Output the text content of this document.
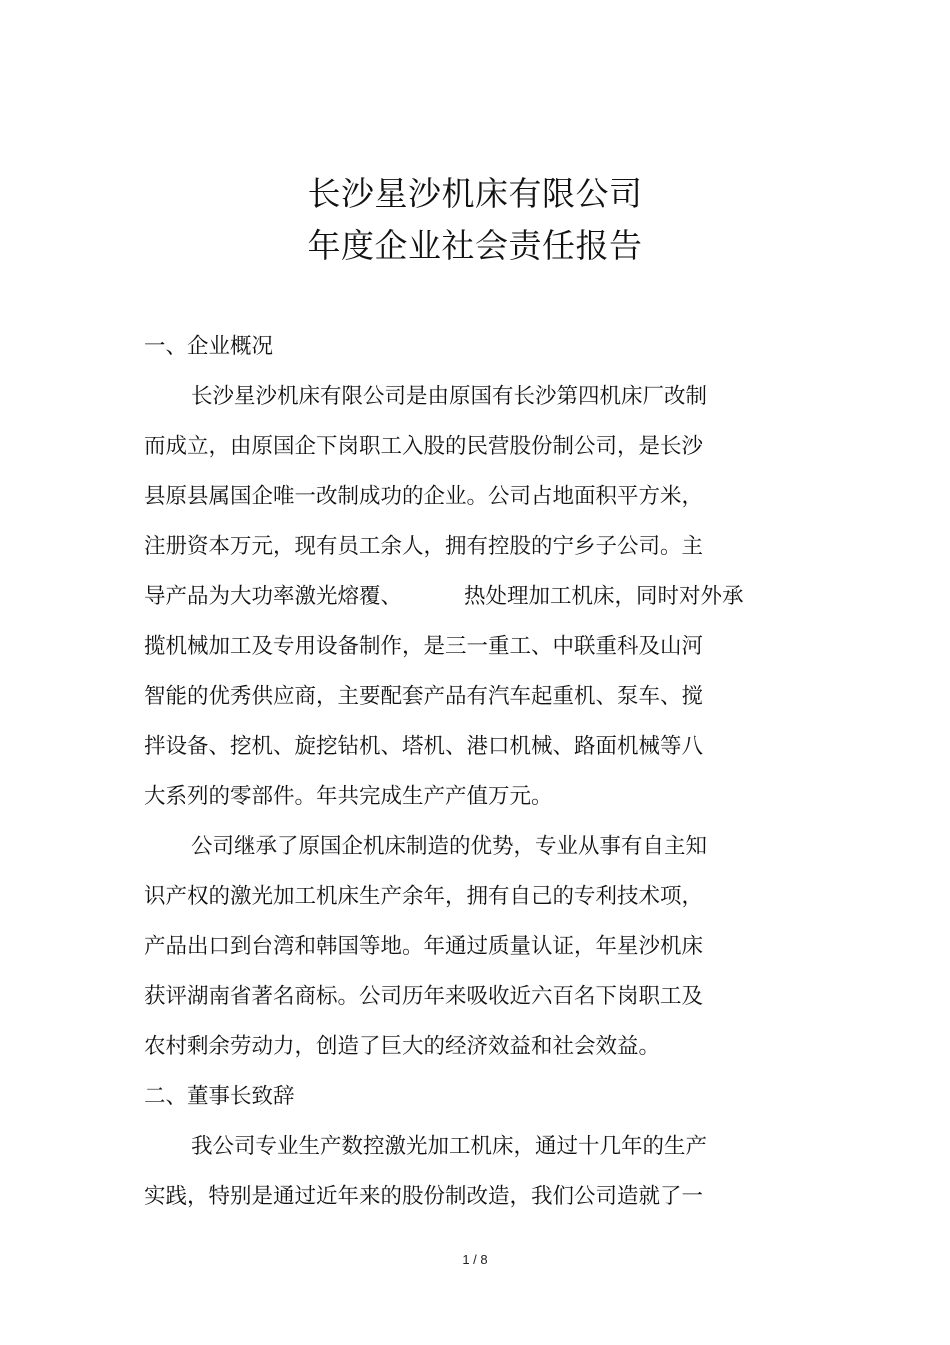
长沙星沙机床有限公司
年度企业社会责任报告
一、企业概况
长沙星沙机床有限公司是由原国有长沙第四机床厂改制
而成立，由原国企下岗职工入股的民营股份制公司，是长沙
县原县属国企唯一改制成功的企业。公司占地面积平方米，
注册资本万元，现有员工余人，拥有控股的宁乡子公司。主
导产品为大功率激光熔覆、	热处理加工机床，同时对外承
揽机械加工及专用设备制作，是三一重工、中联重科及山河
智能的优秀供应商，主要配套产品有汽车起重机、泵车、搅
拌设备、挖机、旋挖钻机、塔机、港口机械、路面机械等八
大系列的零部件。年共完成生产产值万元。
公司继承了原国企机床制造的优势，专业从事有自主知
识产权的激光加工机床生产余年，拥有自己的专利技术项，
产品出口到台湾和韩国等地。年通过质量认证，年星沙机床
获评湖南省著名商标。公司历年来吸收近六百名下岗职工及
农村剩余劳动力，创造了巨大的经济效益和社会效益。
二、董事长致辞
我公司专业生产数控激光加工机床，通过十几年的生产
实践，特别是通过近年来的股份制改造，我们公司造就了一
1 / 8
